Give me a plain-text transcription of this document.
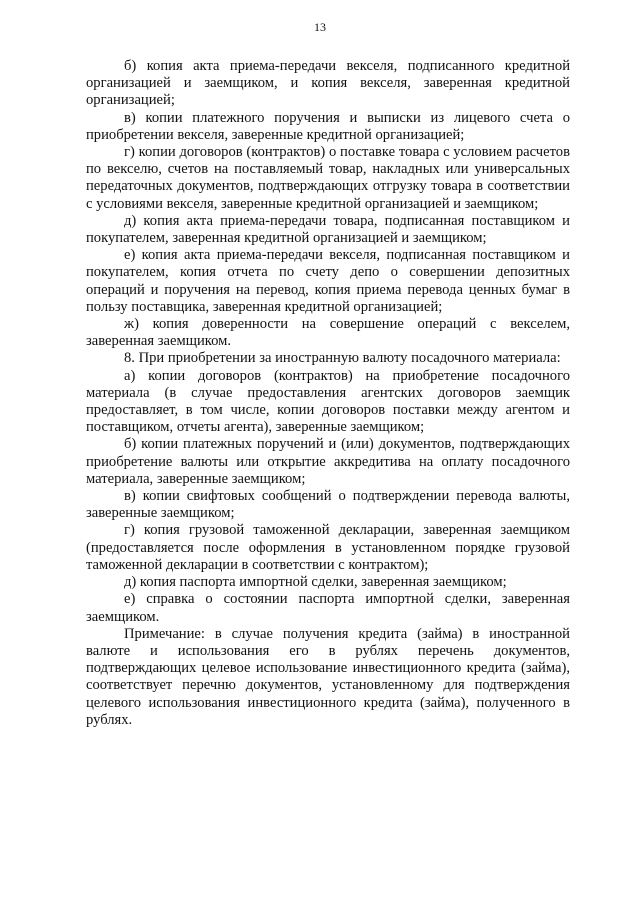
13

б) копия акта приема-передачи векселя, подписанного кредитной организацией и заемщиком, и копия векселя, заверенная кредитной организацией;

в) копии платежного поручения и выписки из лицевого счета о приобретении векселя, заверенные кредитной организацией;

г) копии договоров (контрактов) о поставке товара с условием расчетов по векселю, счетов на поставляемый товар, накладных или универсальных передаточных документов, подтверждающих отгрузку товара в соответствии с условиями векселя, заверенные кредитной организацией и заемщиком;

д) копия акта приема-передачи товара, подписанная поставщиком и покупателем, заверенная кредитной организацией и заемщиком;

е) копия акта приема-передачи векселя, подписанная поставщиком и покупателем, копия отчета по счету депо о совершении депозитных операций и поручения на перевод, копия приема перевода ценных бумаг в пользу поставщика, заверенная кредитной организацией;

ж) копия доверенности на совершение операций с векселем, заверенная заемщиком.

8. При приобретении за иностранную валюту посадочного материала:

а) копии договоров (контрактов) на приобретение посадочного материала (в случае предоставления агентских договоров заемщик предоставляет, в том числе, копии договоров поставки между агентом и поставщиком, отчеты агента), заверенные заемщиком;

б) копии платежных поручений и (или) документов, подтверждающих приобретение валюты или открытие аккредитива на оплату посадочного материала, заверенные заемщиком;

в) копии свифтовых сообщений о подтверждении перевода валюты, заверенные заемщиком;

г) копия грузовой таможенной декларации, заверенная заемщиком (предоставляется после оформления в установленном порядке грузовой таможенной декларации в соответствии с контрактом);

д) копия паспорта импортной сделки, заверенная заемщиком;

е) справка о состоянии паспорта импортной сделки, заверенная заемщиком.

Примечание: в случае получения кредита (займа) в иностранной валюте и использования его в рублях перечень документов, подтверждающих целевое использование инвестиционного кредита (займа), соответствует перечню документов, установленному для подтверждения целевого использования инвестиционного кредита (займа), полученного в рублях.
